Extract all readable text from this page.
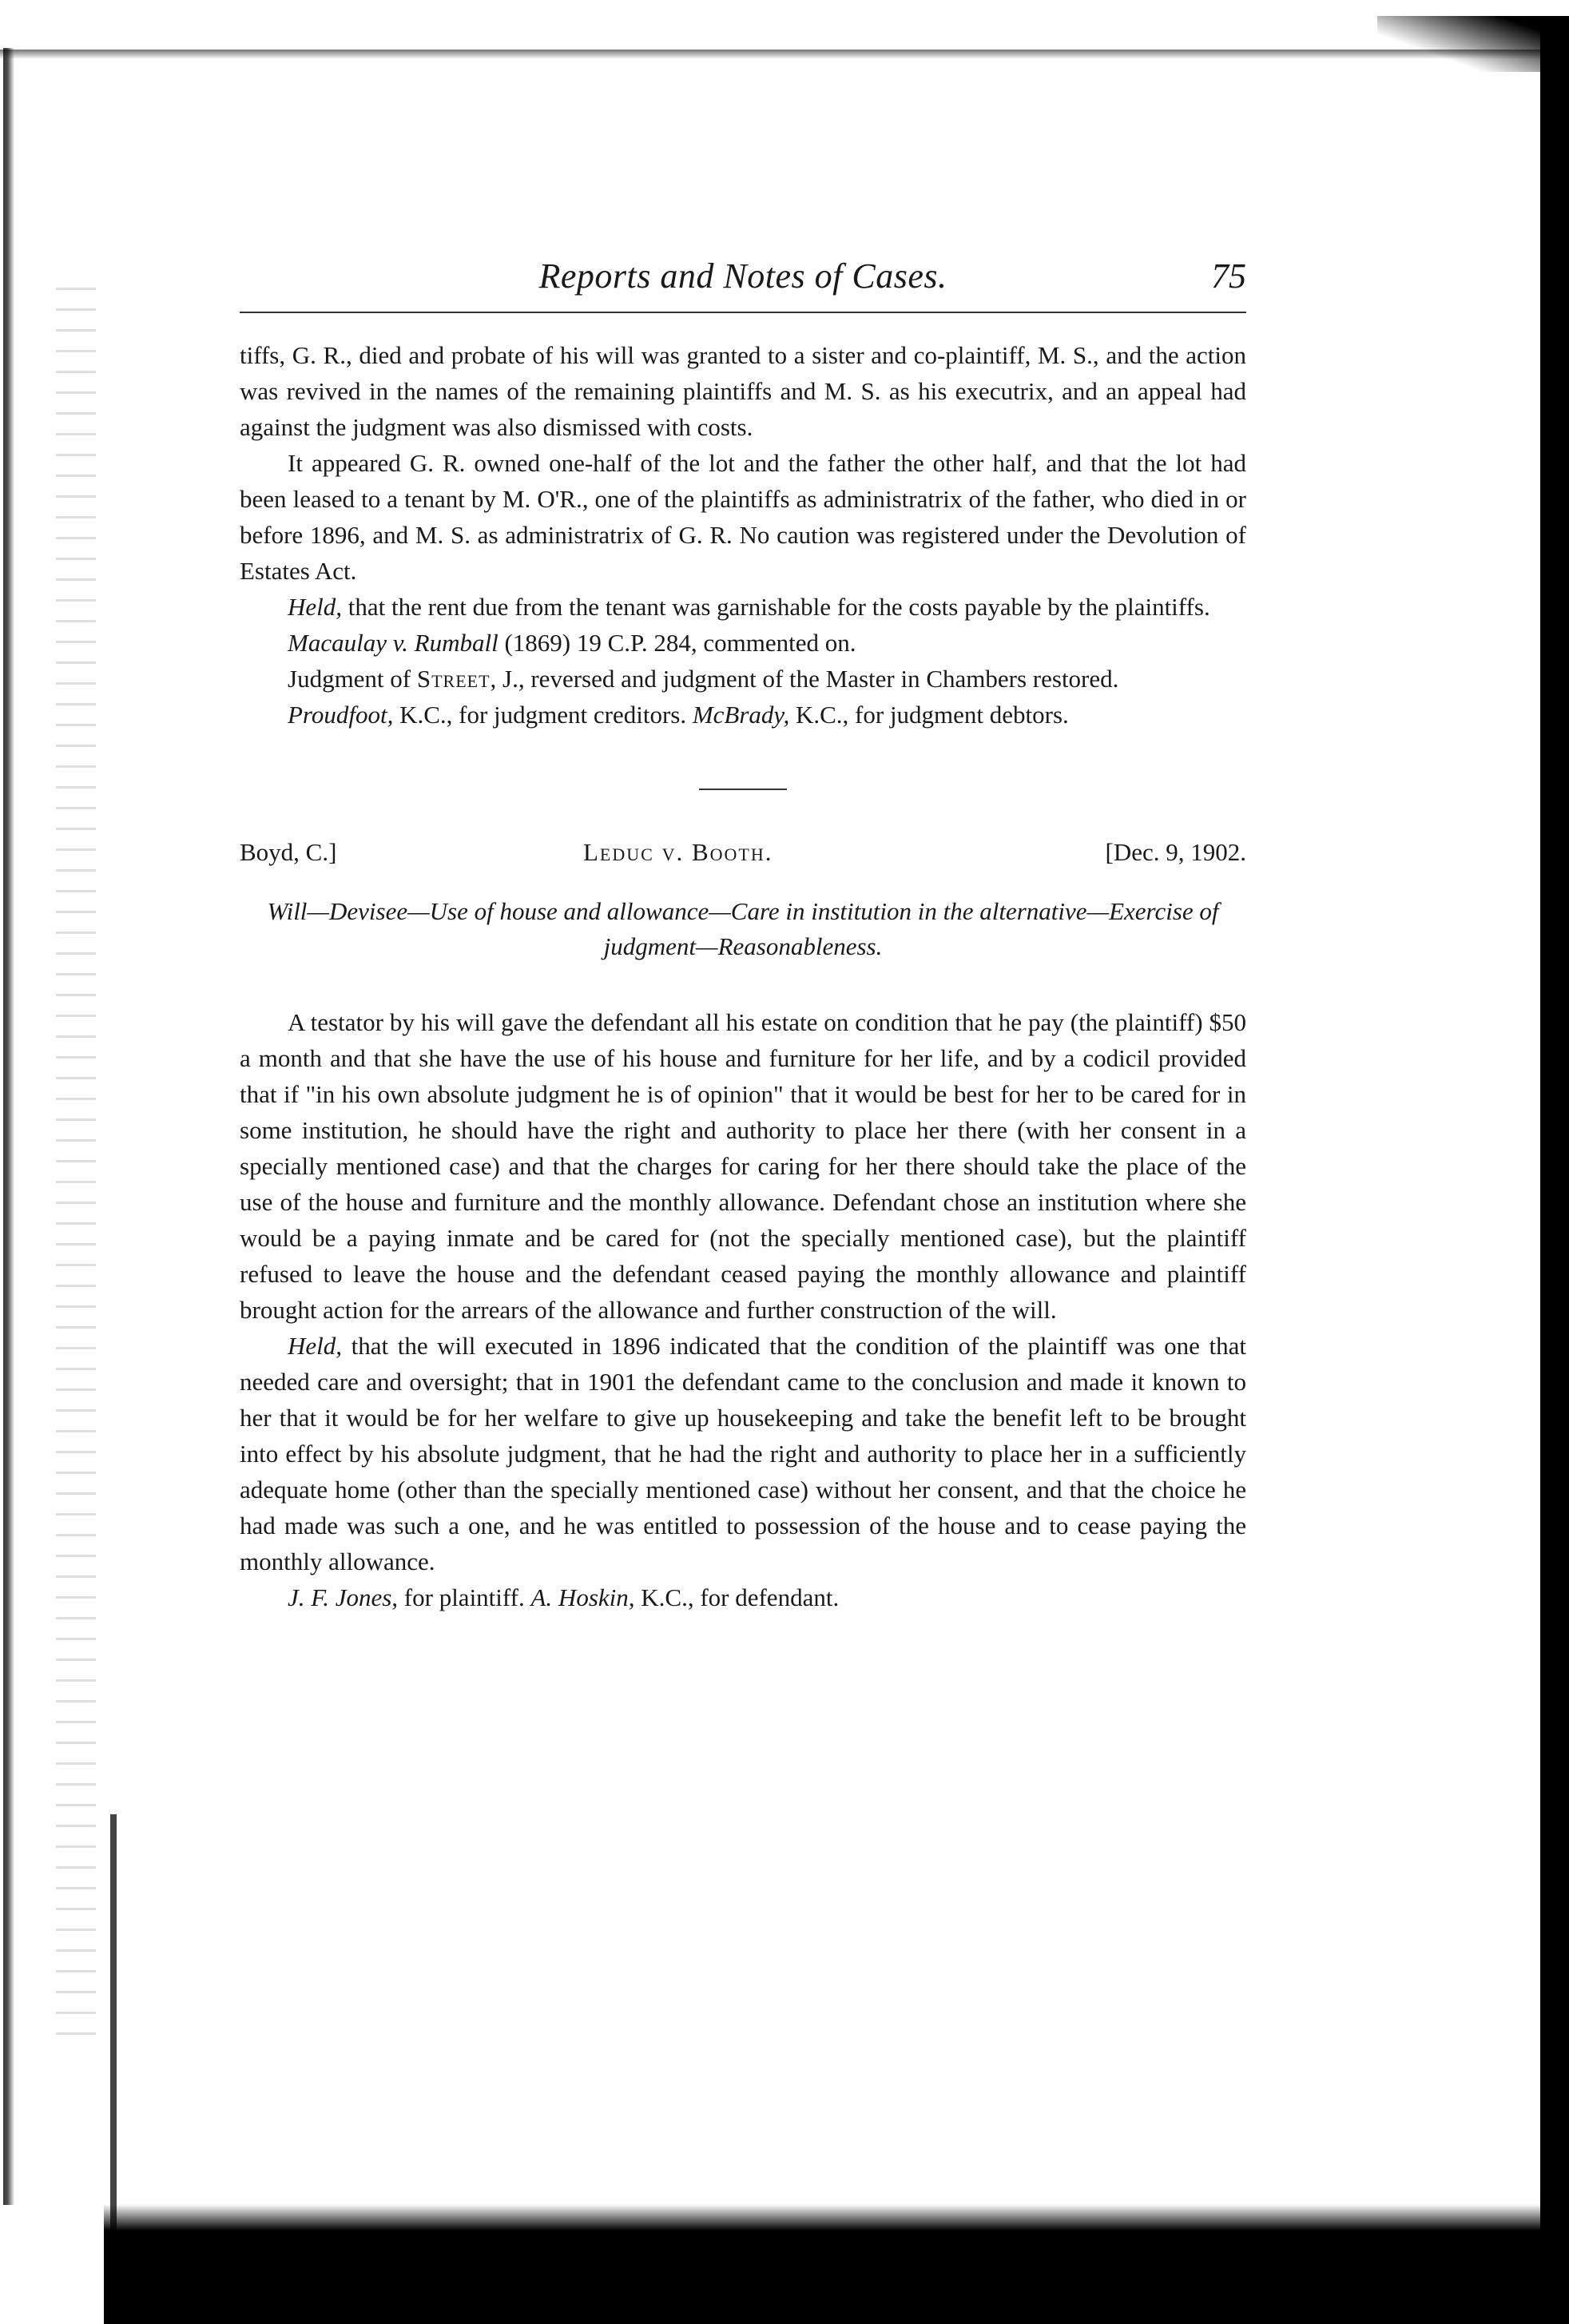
Reports and Notes of Cases.	75

tiffs, G. R., died and probate of his will was granted to a sister and co-plaintiff, M. S., and the action was revived in the names of the remaining plaintiffs and M. S. as his executrix, and an appeal had against the judgment was also dismissed with costs.

It appeared G. R. owned one-half of the lot and the father the other half, and that the lot had been leased to a tenant by M. O'R., one of the plaintiffs as administratrix of the father, who died in or before 1896, and M. S. as administratrix of G. R. No caution was registered under the Devolution of Estates Act.

Held, that the rent due from the tenant was garnishable for the costs payable by the plaintiffs.

Macaulay v. Rumball (1869) 19 C.P. 284, commented on.

Judgment of Street, J., reversed and judgment of the Master in Chambers restored.

Proudfoot, K.C., for judgment creditors. McBrady, K.C., for judgment debtors.

Boyd, C.]	Leduc v. Booth.	[Dec. 9, 1902.

Will—Devisee—Use of house and allowance—Care in institution in the alternative—Exercise of judgment—Reasonableness.

A testator by his will gave the defendant all his estate on condition that he pay (the plaintiff) $50 a month and that she have the use of his house and furniture for her life, and by a codicil provided that if "in his own absolute judgment he is of opinion" that it would be best for her to be cared for in some institution, he should have the right and authority to place her there (with her consent in a specially mentioned case) and that the charges for caring for her there should take the place of the use of the house and furniture and the monthly allowance. Defendant chose an institution where she would be a paying inmate and be cared for (not the specially mentioned case), but the plaintiff refused to leave the house and the defendant ceased paying the monthly allowance and plaintiff brought action for the arrears of the allowance and further construction of the will.

Held, that the will executed in 1896 indicated that the condition of the plaintiff was one that needed care and oversight; that in 1901 the defendant came to the conclusion and made it known to her that it would be for her welfare to give up housekeeping and take the benefit left to be brought into effect by his absolute judgment, that he had the right and authority to place her in a sufficiently adequate home (other than the specially mentioned case) without her consent, and that the choice he had made was such a one, and he was entitled to possession of the house and to cease paying the monthly allowance.

J. F. Jones, for plaintiff. A. Hoskin, K.C., for defendant.
